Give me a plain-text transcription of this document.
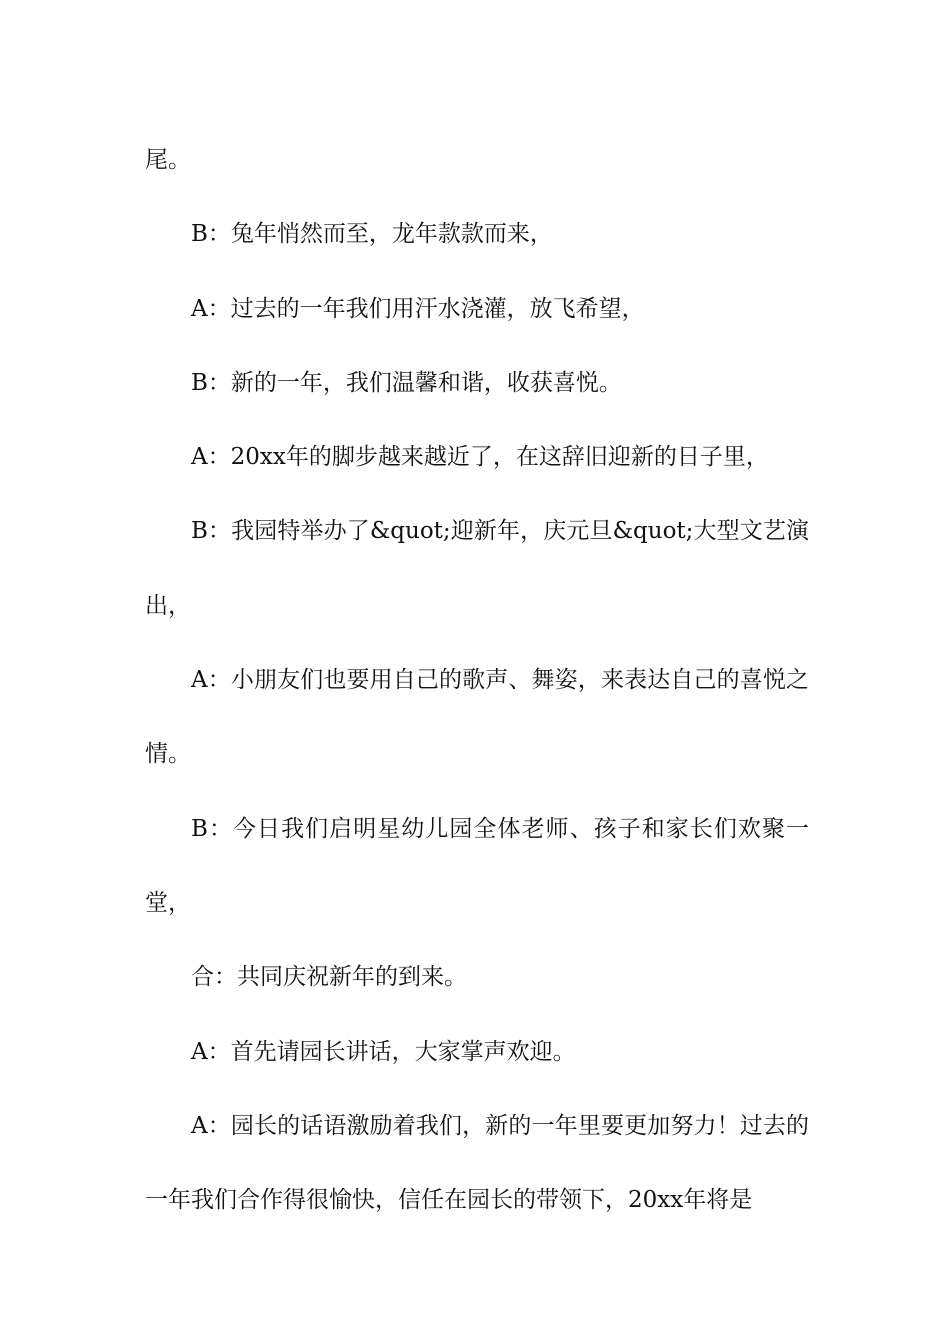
尾。

B：兔年悄然而至，龙年款款而来，

A：过去的一年我们用汗水浇灌，放飞希望，

B：新的一年，我们温馨和谐，收获喜悦。

A：20xx年的脚步越来越近了，在这辞旧迎新的日子里，

B：我园特举办了&quot;迎新年，庆元旦&quot;大型文艺演出，

A：小朋友们也要用自己的歌声、舞姿，来表达自己的喜悦之情。

B：今日我们启明星幼儿园全体老师、孩子和家长们欢聚一堂，

合：共同庆祝新年的到来。

A：首先请园长讲话，大家掌声欢迎。

A：园长的话语激励着我们，新的一年里要更加努力！过去的一年我们合作得很愉快，信任在园长的带领下，20xx年将是
